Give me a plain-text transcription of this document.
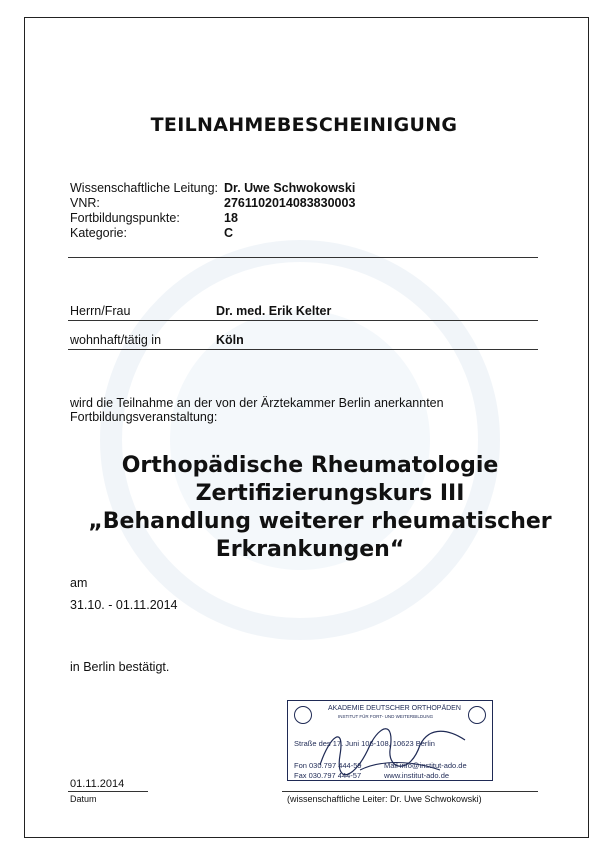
TEILNAHMEBESCHEINIGUNG
Wissenschaftliche Leitung: Dr. Uwe Schwokowski
VNR:	2761102014083830003
Fortbildungspunkte:	18
Kategorie:	C
Herrn/Frau	Dr. med. Erik Kelter
wohnhaft/tätig in	Köln
wird die Teilnahme an der von der Ärztekammer Berlin anerkannten
Fortbildungsveranstaltung:
Orthopädische Rheumatologie
Zertifizierungskurs III
„Behandlung weiterer rheumatischer
Erkrankungen“
am
31.10. - 01.11.2014
in Berlin bestätigt.
AKADEMIE DEUTSCHER ORTHOPÄDEN
INSTITUT FÜR FORT- UND WEITERBILDUNG
Straße des 17. Juni 106-108, 10623 Berlin
Fon 030.797 444-59
Fax 030.797 444-57
Mail info@institut-ado.de
www.institut-ado.de
01.11.2014
Datum	(wissenschaftliche Leiter: Dr. Uwe Schwokowski)
